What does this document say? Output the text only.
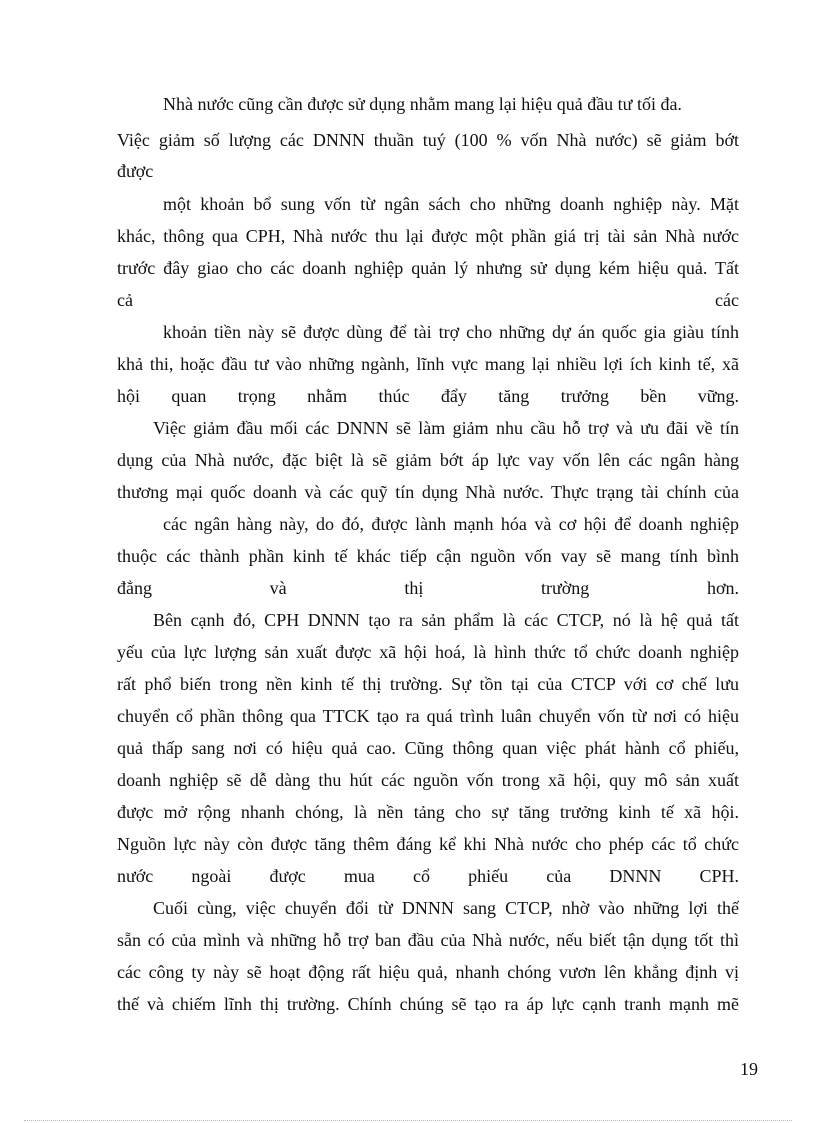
Nhà nước cũng cần được sử dụng nhằm mang lại hiệu quả đầu tư tối đa.
Việc giảm số lượng các DNNN thuần tuý (100 % vốn Nhà nước) sẽ giảm bớt
được
một khoản bổ sung vốn từ ngân sách cho những doanh nghiệp này. Mặt
khác, thông qua CPH, Nhà nước thu lại được một phần giá trị tài sản Nhà nước
trước đây giao cho các doanh nghiệp quản lý nhưng sử dụng kém hiệu quả. Tất
cả các
khoản tiền này sẽ được dùng để tài trợ cho những dự án quốc gia giàu tính
khả thi, hoặc đầu tư vào những ngành, lĩnh vực mang lại nhiều lợi ích kinh tế, xã
hội quan trọng nhằm thúc đẩy tăng trưởng bền vững.
Việc giảm đầu mối các DNNN sẽ làm giảm nhu cầu hỗ trợ và ưu đãi về tín
dụng của Nhà nước, đặc biệt là sẽ giảm bớt áp lực vay vốn lên các ngân hàng
thương mại quốc doanh và các quỹ tín dụng Nhà nước. Thực trạng tài chính của
các ngân hàng này, do đó, được lành mạnh hóa và cơ hội để doanh nghiệp
thuộc các thành phần kinh tế khác tiếp cận nguồn vốn vay sẽ mang tính bình
đẳng và thị trường hơn.
Bên cạnh đó, CPH DNNN tạo ra sản phẩm là các CTCP, nó là hệ quả tất
yếu của lực lượng sản xuất được xã hội hoá, là hình thức tổ chức doanh nghiệp
rất phổ biến trong nền kinh tế thị trường. Sự tồn tại của CTCP với cơ chế lưu
chuyển cổ phần thông qua TTCK tạo ra quá trình luân chuyển vốn từ nơi có hiệu
quả thấp sang nơi có hiệu quả cao. Cũng thông quan việc phát hành cổ phiếu,
doanh nghiệp sẽ dễ dàng thu hút các nguồn vốn trong xã hội, quy mô sản xuất
được mở rộng nhanh chóng, là nền tảng cho sự tăng trưởng kinh tế xã hội.
Nguồn lực này còn được tăng thêm đáng kể khi Nhà nước cho phép các tổ chức
nước ngoài được mua cổ phiếu của DNNN CPH.
Cuối cùng, việc chuyển đổi từ DNNN sang CTCP, nhờ vào những lợi thế
sẵn có của mình và những hỗ trợ ban đầu của Nhà nước, nếu biết tận dụng tốt thì
các công ty này sẽ hoạt động rất hiệu quả, nhanh chóng vươn lên khẳng định vị
thế và chiếm lĩnh thị trường. Chính chúng sẽ tạo ra áp lực cạnh tranh mạnh mẽ
19
